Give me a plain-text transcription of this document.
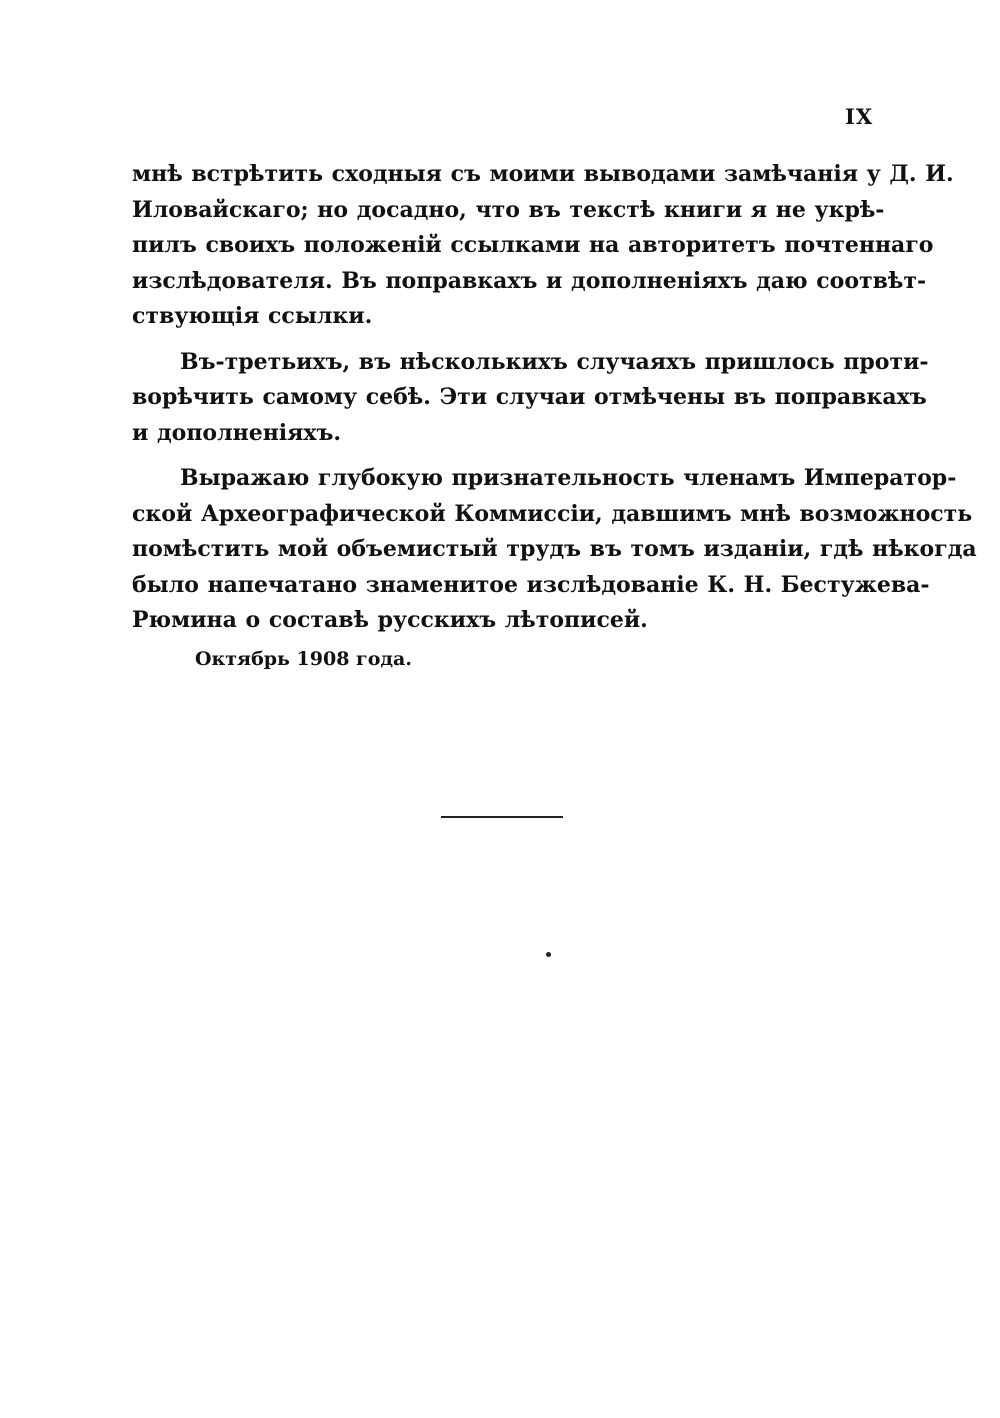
IX
мнѣ встрѣтить сходныя съ моими выводами замѣчанія у Д. И.
Иловайскаго; но досадно, что въ текстѣ книги я не укрѣ-
пилъ своихъ положеній ссылками на авторитетъ почтеннаго
изслѣдователя. Въ поправкахъ и дополненіяхъ даю соотвѣт-
ствующія ссылки.
Въ-третьихъ, въ нѣсколькихъ случаяхъ пришлось проти-
ворѣчить самому себѣ. Эти случаи отмѣчены въ поправкахъ
и дополненіяхъ.
Выражаю глубокую признательность членамъ Император-
ской Археографической Коммиссіи, давшимъ мнѣ возможность
помѣстить мой объемистый трудъ въ томъ изданіи, гдѣ нѣкогда
было напечатано знаменитое изслѣдованіе К. Н. Бестужева-
Рюмина о составѣ русскихъ лѣтописей.
Октябрь 1908 года.
